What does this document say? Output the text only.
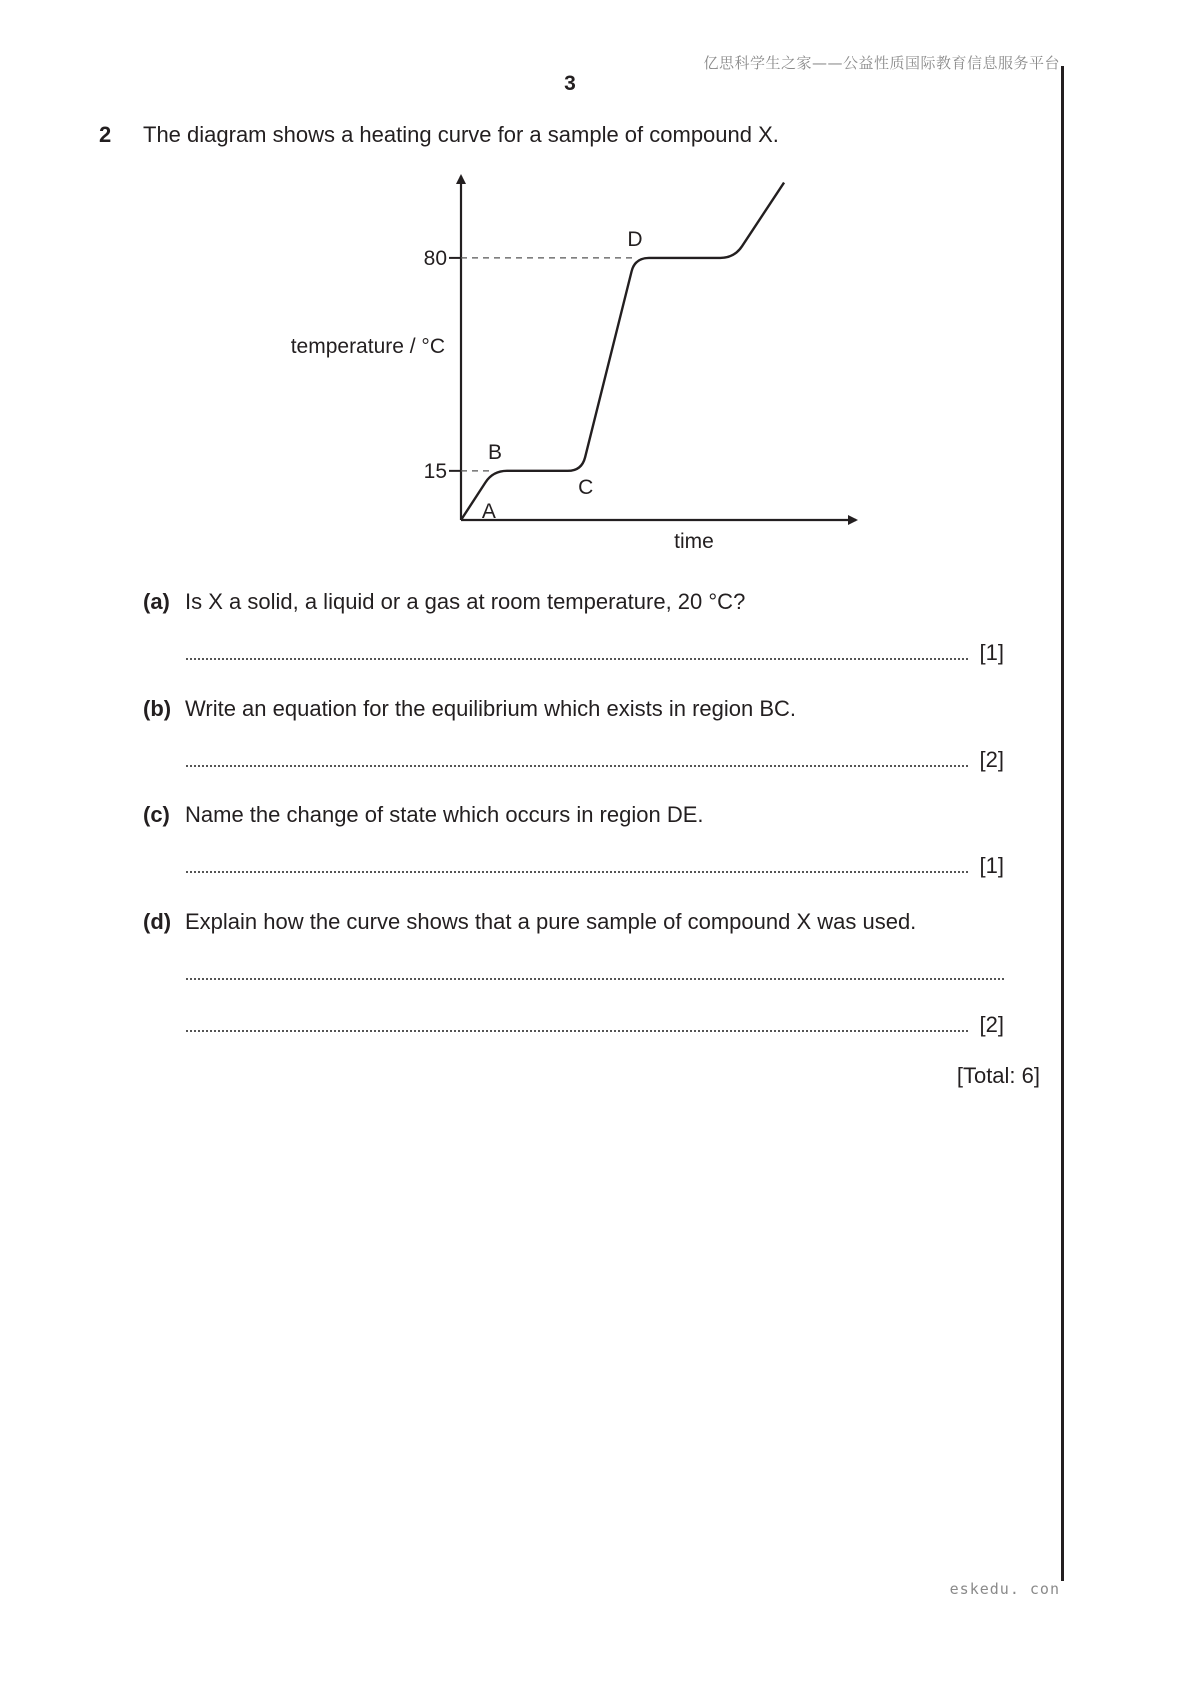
亿思科学生之家——公益性质国际教育信息服务平台
3
2 The diagram shows a heating curve for a sample of compound X.
15
80
temperature / °C
time
A
B
C
D
(a) Is X a solid, a liquid or a gas at room temperature, 20 °C?
[1]
(b) Write an equation for the equilibrium which exists in region BC.
[2]
(c) Name the change of state which occurs in region DE.
[1]
(d) Explain how the curve shows that a pure sample of compound X was used.
[2]
[Total: 6]
eskedu. con
